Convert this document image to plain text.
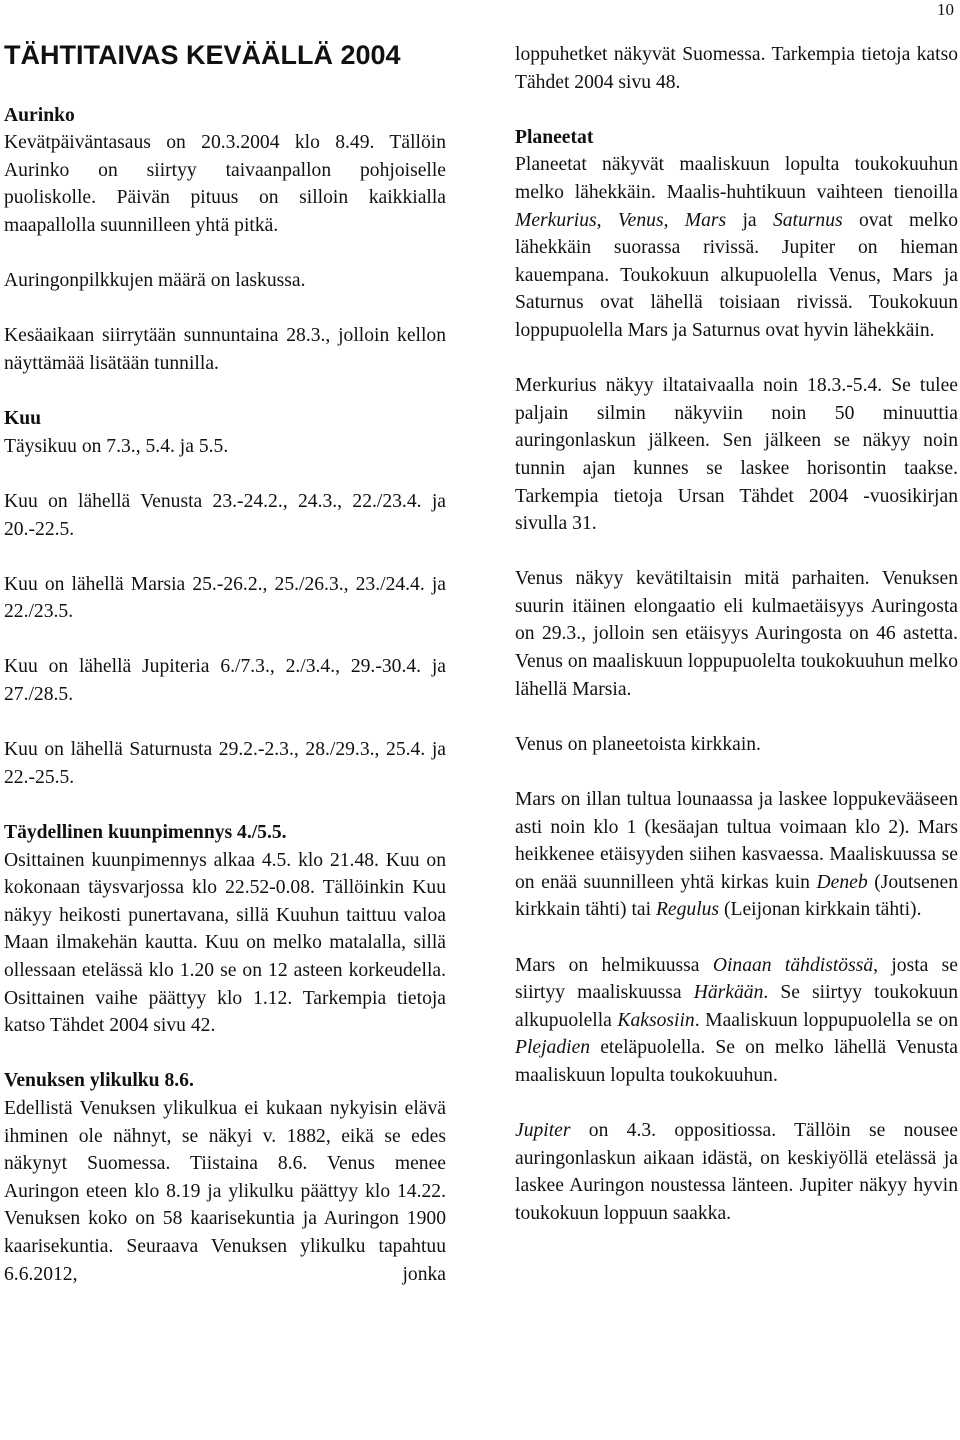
10
TÄHTITAIVAS KEVÄÄLLÄ 2004
Aurinko

Kevätpäiväntasaus on 20.3.2004 klo 8.49. Tällöin Aurinko on siirtyy taivaanpallon pohjoiselle puoliskolle. Päivän pituus on silloin kaikkialla maapallolla suunnilleen yhtä pitkä.

Auringonpilkkujen määrä on laskussa.

Kesäaikaan siirrytään sunnuntaina 28.3., jolloin kellon näyttämää lisätään tunnilla.

Kuu

Täysikuu on 7.3., 5.4. ja 5.5.

Kuu on lähellä Venusta 23.-24.2., 24.3., 22./23.4. ja 20.-22.5.

Kuu on lähellä Marsia 25.-26.2., 25./26.3., 23./24.4. ja 22./23.5.

Kuu on lähellä Jupiteria 6./7.3., 2./3.4., 29.-30.4. ja 27./28.5.

Kuu on lähellä Saturnusta 29.2.-2.3., 28./29.3., 25.4. ja 22.-25.5.

Täydellinen kuunpimennys 4./5.5.

Osittainen kuunpimennys alkaa 4.5. klo 21.48. Kuu on kokonaan täysvarjossa klo 22.52-0.08. Tällöinkin Kuu näkyy heikosti punertavana, sillä Kuuhun taittuu valoa Maan ilmakehän kautta. Kuu on melko matalalla, sillä ollessaan etelässä klo 1.20 se on 12 asteen korkeudella. Osittainen vaihe päättyy klo 1.12. Tarkempia tietoja katso Tähdet 2004 sivu 42.

Venuksen ylikulku 8.6.

Edellistä Venuksen ylikulkua ei kukaan nykyisin elävä ihminen ole nähnyt, se näkyi v. 1882, eikä se edes näkynyt Suomessa. Tiistaina 8.6. Venus menee Auringon eteen klo 8.19 ja ylikulku päättyy klo 14.22. Venuksen koko on 58 kaarisekuntia ja Auringon 1900 kaarisekuntia. Seuraava Venuksen ylikulku tapahtuu 6.6.2012, jonka

loppuhetket näkyvät Suomessa. Tarkempia tietoja katso Tähdet 2004 sivu 48.

Planeetat

Planeetat näkyvät maaliskuun lopulta toukokuuhun melko lähekkäin. Maalis-huhtikuun vaihteen tienoilla Merkurius, Venus, Mars ja Saturnus ovat melko lähekkäin suorassa rivissä. Jupiter on hieman kauempana. Toukokuun alkupuolella Venus, Mars ja Saturnus ovat lähellä toisiaan rivissä. Toukokuun loppupuolella Mars ja Saturnus ovat hyvin lähekkäin.

Merkurius näkyy iltataivaalla noin 18.3.-5.4. Se tulee paljain silmin näkyviin noin 50 minuuttia auringonlaskun jälkeen. Sen jälkeen se näkyy noin tunnin ajan kunnes se laskee horisontin taakse. Tarkempia tietoja Ursan Tähdet 2004 -vuosikirjan sivulla 31.

Venus näkyy kevätiltaisin mitä parhaiten. Venuksen suurin itäinen elongaatio eli kulmaetäisyys Auringosta on 29.3., jolloin sen etäisyys Auringosta on 46 astetta. Venus on maaliskuun loppupuolelta toukokuuhun melko lähellä Marsia.

Venus on planeetoista kirkkain.

Mars on illan tultua lounaassa ja laskee loppukevääseen asti noin klo 1 (kesäajan tultua voimaan klo 2). Mars heikkenee etäisyyden siihen kasvaessa. Maaliskuussa se on enää suunnilleen yhtä kirkas kuin Deneb (Joutsenen kirkkain tähti) tai Regulus (Leijonan kirkkain tähti).

Mars on helmikuussa Oinaan tähdistössä, josta se siirtyy maaliskuussa Härkään. Se siirtyy toukokuun alkupuolella Kaksosiin. Maaliskuun loppupuolella se on Plejadien eteläpuolella. Se on melko lähellä Venusta maaliskuun lopulta toukokuuhun.

Jupiter on 4.3. oppositiossa. Tällöin se nousee auringonlaskun aikaan idästä, on keskiyöllä etelässä ja laskee Auringon noustessa länteen. Jupiter näkyy hyvin toukokuun loppuun saakka.
